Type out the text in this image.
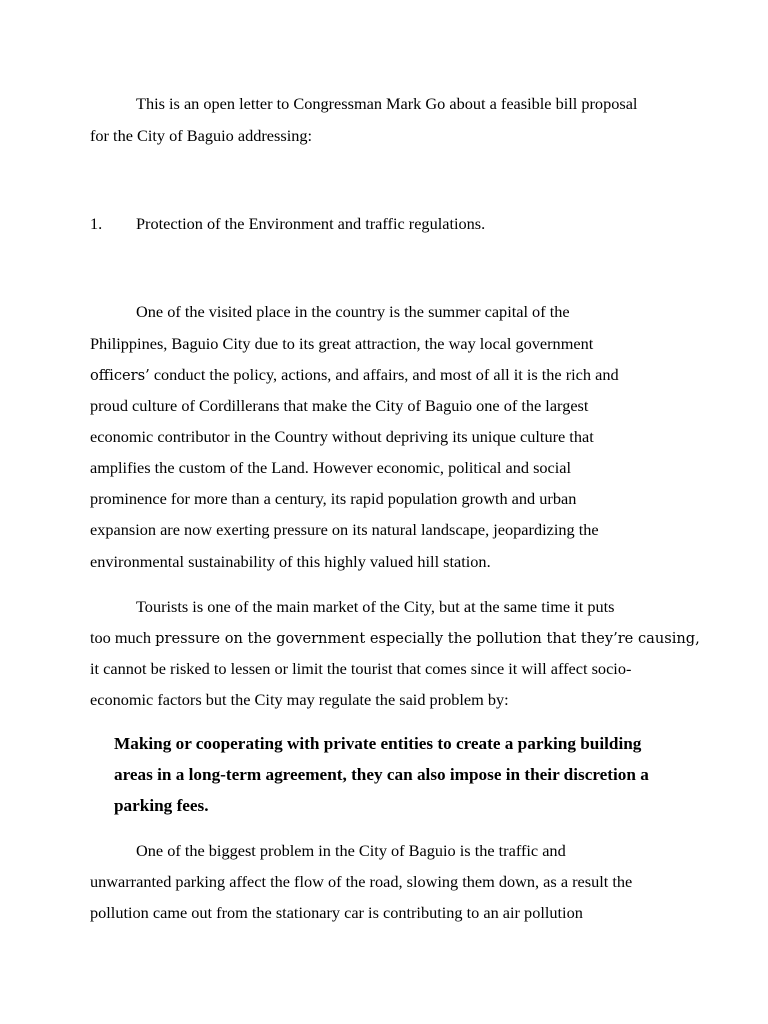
This is an open letter to Congressman Mark Go about a feasible bill proposal

for the City of Baguio addressing:

1. Protection of the Environment and traffic regulations.

One of the visited place in the country is the summer capital of the

Philippines, Baguio City due to its great attraction, the way local government

officers’ conduct the policy, actions, and affairs, and most of all it is the rich and

proud culture of Cordillerans that make the City of Baguio one of the largest

economic contributor in the Country without depriving its unique culture that

amplifies the custom of the Land. However economic, political and social

prominence for more than a century, its rapid population growth and urban

expansion are now exerting pressure on its natural landscape, jeopardizing the

environmental sustainability of this highly valued hill station.

Tourists is one of the main market of the City, but at the same time it puts

too much pressure on the government especially the pollution that they’re causing,

it cannot be risked to lessen or limit the tourist that comes since it will affect socio-

economic factors but the City may regulate the said problem by:

Making or cooperating with private entities to create a parking building

areas in a long-term agreement, they can also impose in their discretion a

parking fees.

One of the biggest problem in the City of Baguio is the traffic and

unwarranted parking affect the flow of the road, slowing them down, as a result the

pollution came out from the stationary car is contributing to an air pollution
